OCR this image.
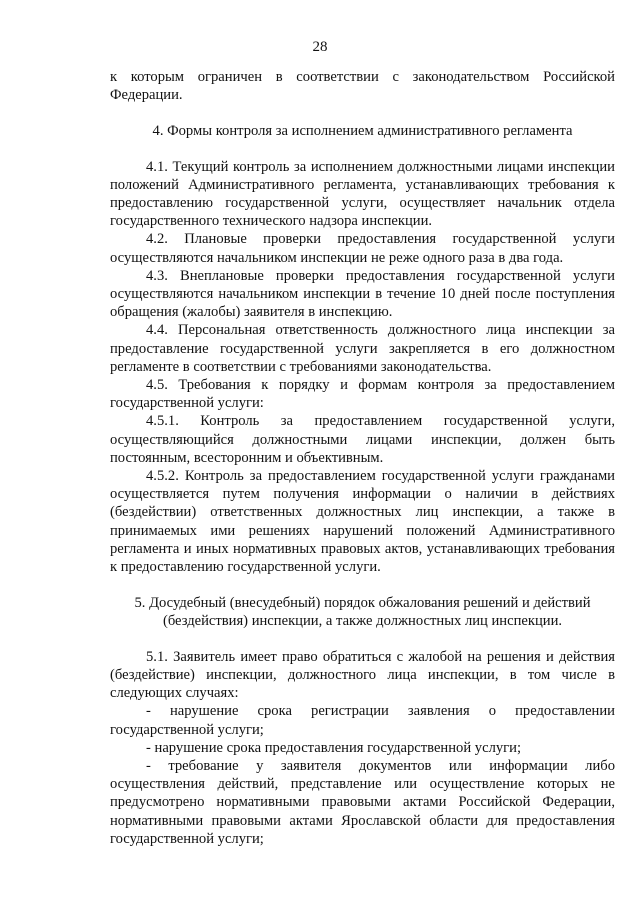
28

к которым ограничен в соответствии с законодательством Российской Федерации.

4. Формы контроля за исполнением административного регламента

4.1. Текущий контроль за исполнением должностными лицами инспекции положений Административного регламента, устанавливающих требования к предоставлению государственной услуги, осуществляет начальник отдела государственного технического надзора инспекции.

4.2. Плановые проверки предоставления государственной услуги осуществляются начальником инспекции не реже одного раза в два года.

4.3. Внеплановые проверки предоставления государственной услуги осуществляются начальником инспекции в течение 10 дней после поступления обращения (жалобы) заявителя в инспекцию.

4.4. Персональная ответственность должностного лица инспекции за предоставление государственной услуги закрепляется в его должностном регламенте в соответствии с требованиями законодательства.

4.5. Требования к порядку и формам контроля за предоставлением государственной услуги:

4.5.1. Контроль за предоставлением государственной услуги, осуществляющийся должностными лицами инспекции, должен быть постоянным, всесторонним и объективным.

4.5.2. Контроль за предоставлением государственной услуги гражданами осуществляется путем получения информации о наличии в действиях (бездействии) ответственных должностных лиц инспекции, а также в принимаемых ими решениях нарушений положений Административного регламента и иных нормативных правовых актов, устанавливающих требования к предоставлению государственной услуги.

5. Досудебный (внесудебный) порядок обжалования решений и действий (бездействия) инспекции, а также должностных лиц инспекции.

5.1. Заявитель имеет право обратиться с жалобой на решения и действия (бездействие) инспекции, должностного лица инспекции, в том числе в следующих случаях:

- нарушение срока регистрации заявления о предоставлении государственной услуги;

- нарушение срока предоставления государственной услуги;

- требование у заявителя документов или информации либо осуществления действий, представление или осуществление которых не предусмотрено нормативными правовыми актами Российской Федерации, нормативными правовыми актами Ярославской области для предоставления государственной услуги;
